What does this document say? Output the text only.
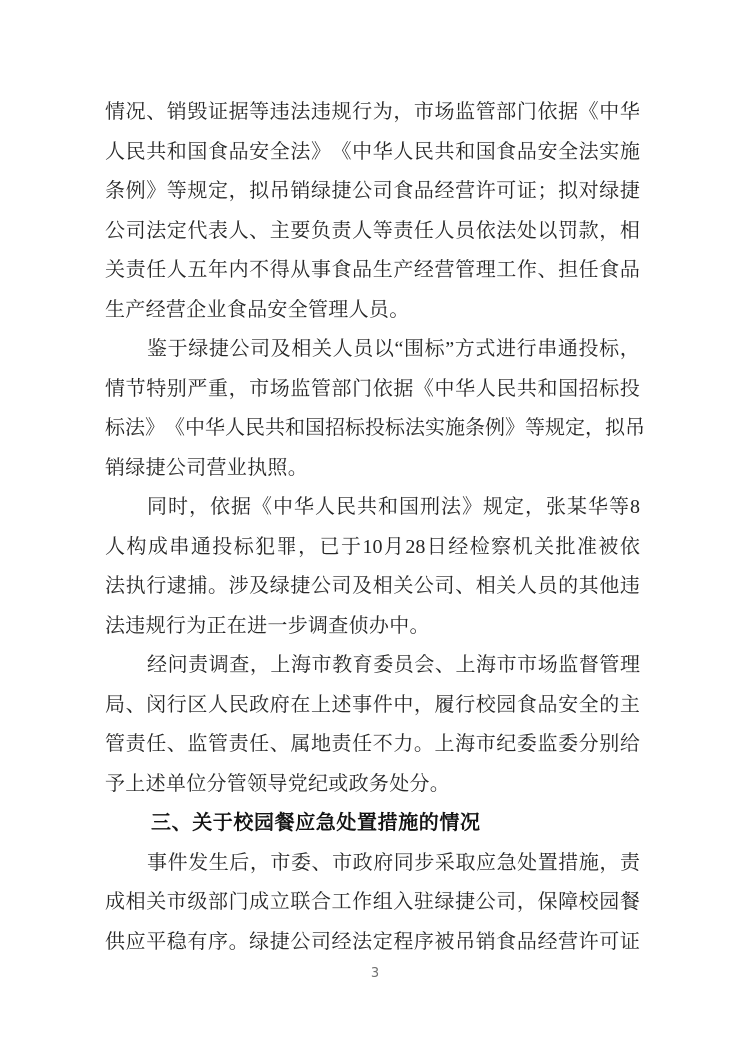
情 况 、 销 毁 证 据 等 违 法 违 规 行 为 ， 市 场 监 管 部 门 依 据 《 中 华
人 民 共 和 国 食 品 安 全 法 》 《 中 华 人 民 共 和 国 食 品 安 全 法 实 施
条 例 》 等 规 定 ， 拟 吊 销 绿 捷 公 司 食 品 经 营 许 可 证 ； 拟 对 绿 捷
公 司 法 定 代 表 人 、 主 要 负 责 人 等 责 任 人 员 依 法 处 以 罚 款 ， 相
关 责 任 人 五 年 内 不 得 从 事 食 品 生 产 经 营 管 理 工 作 、 担 任 食 品
生产经营企业食品安全管理人员。
鉴 于 绿 捷 公 司 及 相 关 人 员 以 “ 围 标 ” 方 式 进 行 串 通 投 标 ，
情 节 特 别 严 重 ， 市 场 监 管 部 门 依 据 《 中 华 人 民 共 和 国 招 标 投
标 法 》 《 中 华 人 民 共 和 国 招 标 投 标 法 实 施 条 例 》 等 规 定 ， 拟 吊
销绿捷公司营业执照。
同 时 ， 依 据 《 中 华 人 民 共 和 国 刑 法 》 规 定 ， 张 某 华 等 8
人 构 成 串 通 投 标 犯 罪 ， 已 于 10 月 28 日 经 检 察 机 关 批 准 被 依
法 执 行 逮 捕 。 涉 及 绿 捷 公 司 及 相 关 公 司 、 相 关 人 员 的 其 他 违
法违规行为正在进一步调查侦办中。
经 问 责 调 查 ， 上 海 市 教 育 委 员 会 、 上 海 市 市 场 监 督 管 理
局 、 闵 行 区 人 民 政 府 在 上 述 事 件 中 ， 履 行 校 园 食 品 安 全 的 主
管 责 任 、 监 管 责 任 、 属 地 责 任 不 力 。 上 海 市 纪 委 监 委 分 别 给
予上述单位分管领导党纪或政务处分。
三、关于校园餐应急处置措施的情况
事 件 发 生 后 ， 市 委 、 市 政 府 同 步 采 取 应 急 处 置 措 施 ， 责
成 相 关 市 级 部 门 成 立 联 合 工 作 组 入 驻 绿 捷 公 司 ， 保 障 校 园 餐
供 应 平 稳 有 序 。 绿 捷 公 司 经 法 定 程 序 被 吊 销 食 品 经 营 许 可 证
3
